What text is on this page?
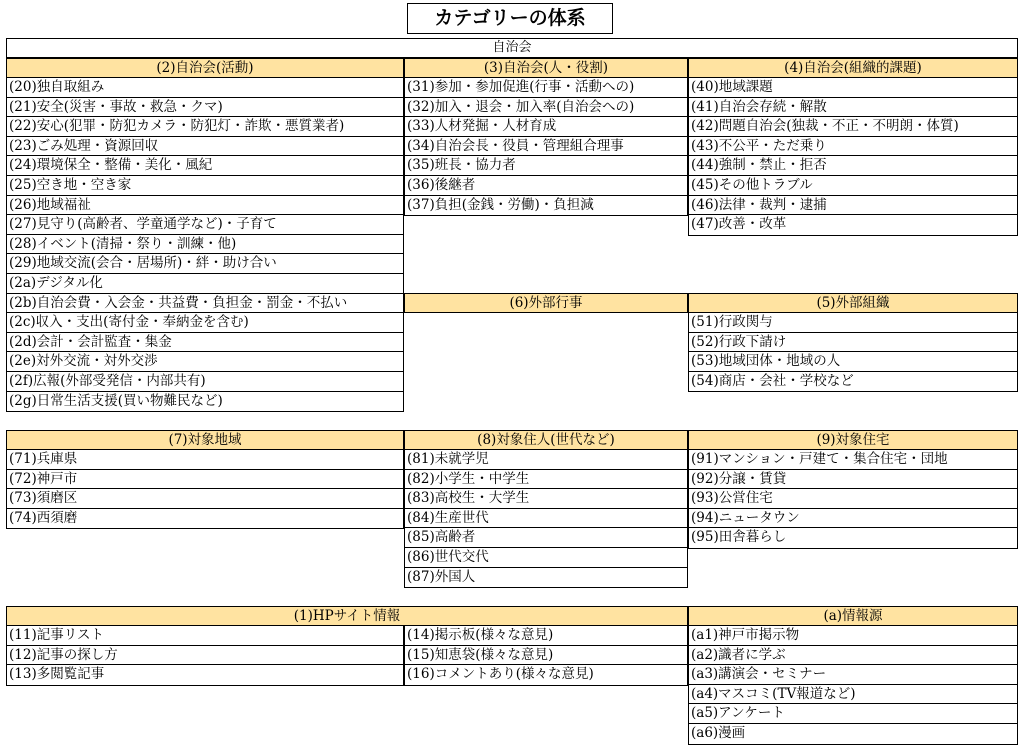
カテゴリーの体系
自治会
(2)自治会(活動)
(20)独自取組み
(21)安全(災害・事故・救急・クマ)
(22)安心(犯罪・防犯カメラ・防犯灯・詐欺・悪質業者)
(23)ごみ処理・資源回収
(24)環境保全・整備・美化・風紀
(25)空き地・空き家
(26)地域福祉
(27)見守り(高齢者、学童通学など)・子育て
(28)イベント(清掃・祭り・訓練・他)
(29)地域交流(会合・居場所)・絆・助け合い
(2a)デジタル化
(2b)自治会費・入会金・共益費・負担金・罰金・不払い
(2c)収入・支出(寄付金・奉納金を含む)
(2d)会計・会計監査・集金
(2e)対外交流・対外交渉
(2f)広報(外部受発信・内部共有)
(2g)日常生活支援(買い物難民など)
(3)自治会(人・役割)
(31)参加・参加促進(行事・活動への)
(32)加入・退会・加入率(自治会への)
(33)人材発掘・人材育成
(34)自治会長・役員・管理組合理事
(35)班長・協力者
(36)後継者
(37)負担(金銭・労働)・負担減
(4)自治会(組織的課題)
(40)地域課題
(41)自治会存続・解散
(42)問題自治会(独裁・不正・不明朗・体質)
(43)不公平・ただ乗り
(44)強制・禁止・拒否
(45)その他トラブル
(46)法律・裁判・逮捕
(47)改善・改革
(6)外部行事	(5)外部組織
(51)行政関与
(52)行政下請け
(53)地域団体・地域の人
(54)商店・会社・学校など
(7)対象地域
(71)兵庫県
(72)神戸市
(73)須磨区
(74)西須磨
(8)対象住人(世代など)
(81)未就学児
(82)小学生・中学生
(83)高校生・大学生
(84)生産世代
(85)高齢者
(86)世代交代
(87)外国人
(9)対象住宅
(91)マンション・戸建て・集合住宅・団地
(92)分譲・賃貸
(93)公営住宅
(94)ニュータウン
(95)田舎暮らし
(1)HPサイト情報
(11)記事リスト
(12)記事の探し方
(13)多閲覧記事
(14)掲示板(様々な意見)
(15)知恵袋(様々な意見)
(16)コメントあり(様々な意見)
(a)情報源
(a1)神戸市掲示物
(a2)識者に学ぶ
(a3)講演会・セミナー
(a4)マスコミ(TV報道など)
(a5)アンケート
(a6)漫画
